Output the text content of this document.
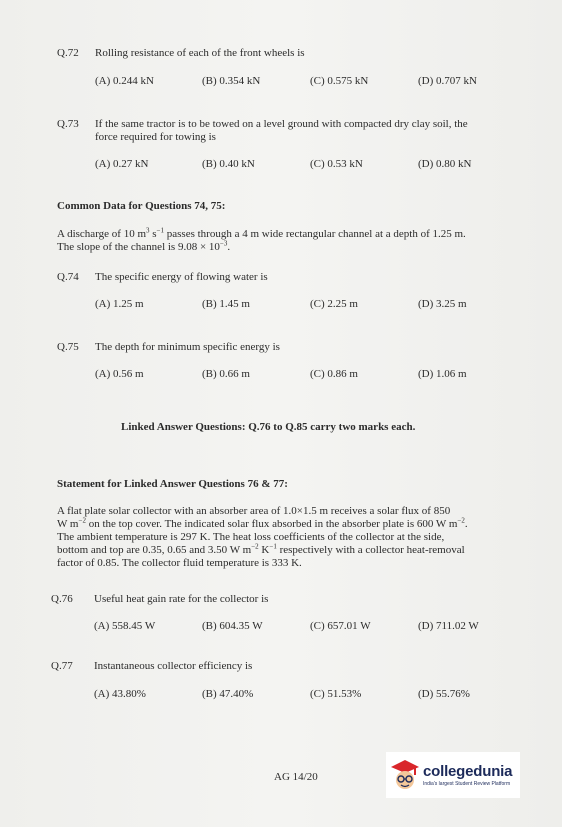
Q.72 Rolling resistance of each of the front wheels is
(A) 0.244 kN	(B) 0.354 kN	(C) 0.575 kN	(D) 0.707 kN
Q.73 If the same tractor is to be towed on a level ground with compacted dry clay soil, the
force required for towing is
(A) 0.27 kN	(B) 0.40 kN	(C) 0.53 kN	(D) 0.80 kN
Common Data for Questions 74, 75:
A discharge of 10 $m^3$ $s^{-1}$ passes through a 4 m wide rectangular channel at a depth of 1.25 m.
The slope of the channel is $9.08 \times 10^{-3}$.
Q.74 The specific energy of flowing water is
(A) 1.25 m	(B) 1.45 m	(C) 2.25 m	(D) 3.25 m
Q.75 The depth for minimum specific energy is
(A) 0.56 m	(B) 0.66 m	(C) 0.86 m	(D) 1.06 m
Linked Answer Questions: Q.76 to Q.85 carry two marks each.
Statement for Linked Answer Questions 76 & 77:
A flat plate solar collector with an absorber area of 1.0×1.5 m receives a solar flux of 850
W $m^{-2}$ on the top cover. The indicated solar flux absorbed in the absorber plate is 600 W $m^{-2}$.
The ambient temperature is 297 K. The heat loss coefficients of the collector at the side,
bottom and top are 0.35, 0.65 and 3.50 W $m^{-2}$ $K^{-1}$ respectively with a collector heat-removal
factor of 0.85. The collector fluid temperature is 333 K.
Q.76 Useful heat gain rate for the collector is
(A) 558.45 W	(B) 604.35 W	(C) 657.01 W	(D) 711.02 W
Q.77 Instantaneous collector efficiency is
(A) 43.80%	(B) 47.40%	(C) 51.53%	(D) 55.76%
AG 14/20	collegedunia
India's largest Student Review Platform
